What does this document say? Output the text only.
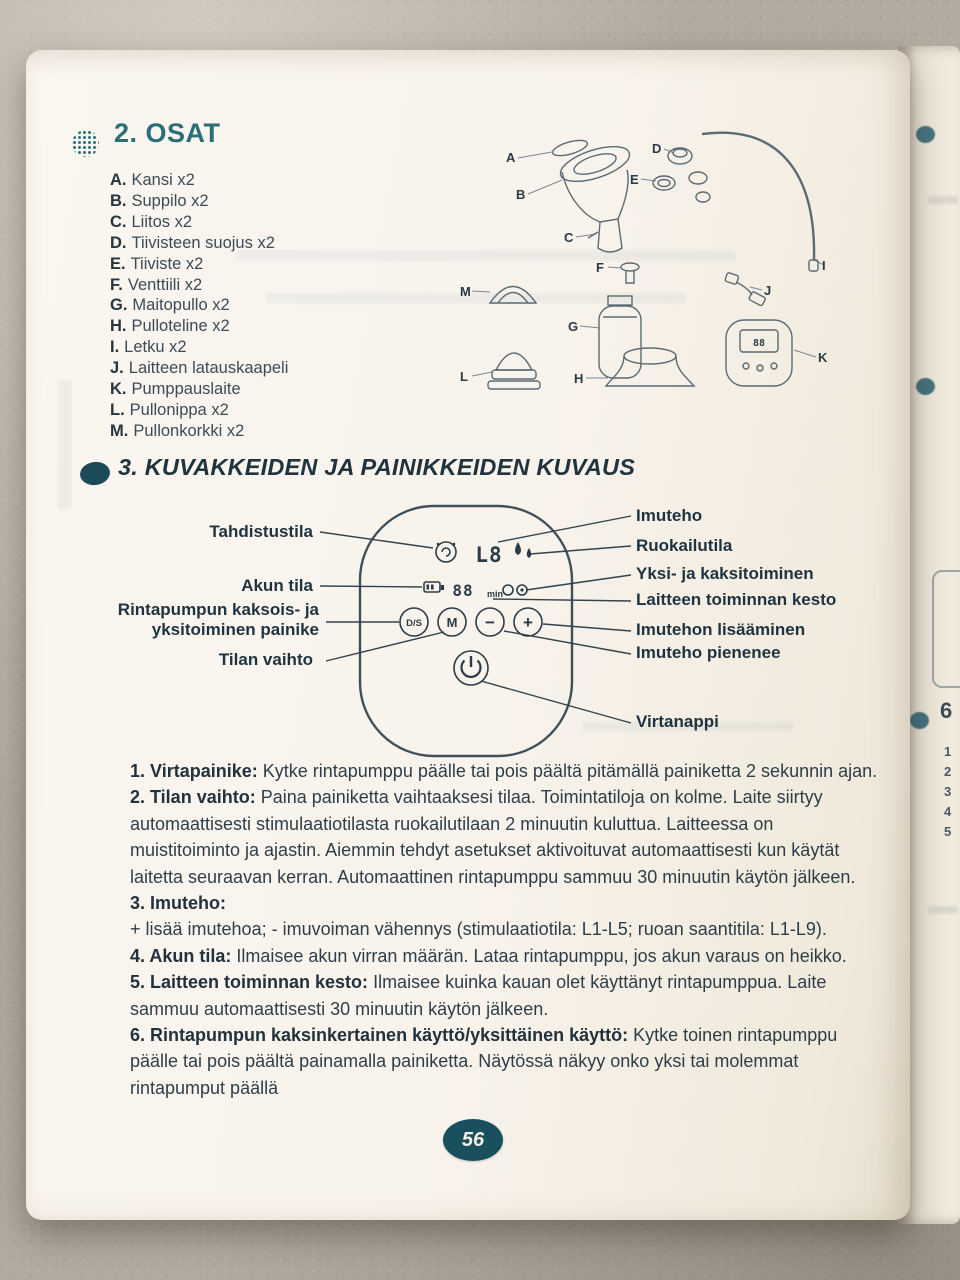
6
1
2
3
4
5
2. OSAT
A. Kansi x2
B. Suppilo x2
C. Liitos x2
D. Tiivisteen suojus x2
E. Tiiviste x2
F. Venttiili x2
G. Maitopullo x2
H. Pulloteline x2
I. Letku x2
J. Laitteen latauskaapeli
K. Pumppauslaite
L. Pullonippa x2
M. Pullonkorkki x2
88
A
B
C
D
E
F
G
H
I
J
K
L
M
3. KUVAKKEIDEN JA PAINIKKEIDEN KUVAUS
L8
88 min
D/S M − +
Tahdistustila
Akun tila
Rintapumpun kaksois- ja yksitoiminen painike
Tilan vaihto
Imuteho
Ruokailutila
Yksi- ja kaksitoiminen
Laitteen toiminnan kesto
Imutehon lisääminen
Imuteho pienenee
Virtanappi

1. Virtapainike: Kytke rintapumppu päälle tai pois päältä pitämällä painiketta 2 sekunnin ajan.

2. Tilan vaihto: Paina painiketta vaihtaaksesi tilaa. Toimintatiloja on kolme. Laite siirtyy automaattisesti stimulaatiotilasta ruokailutilaan 2 minuutin kuluttua. Laitteessa on muistitoiminto ja ajastin. Aiemmin tehdyt asetukset aktivoituvat automaattisesti kun käytät laitetta seuraavan kerran. Automaattinen rintapumppu sammuu 30 minuutin käytön jälkeen.

3. Imuteho:

+ lisää imutehoa; - imuvoiman vähennys (stimulaatiotila: L1-L5; ruoan saantitila: L1-L9).

4. Akun tila: Ilmaisee akun virran määrän. Lataa rintapumppu, jos akun varaus on heikko.

5. Laitteen toiminnan kesto: Ilmaisee kuinka kauan olet käyttänyt rintapumppua. Laite sammuu automaattisesti 30 minuutin käytön jälkeen.

6. Rintapumpun kaksinkertainen käyttö/yksittäinen käyttö: Kytke toinen rintapumppu päälle tai pois päältä painamalla painiketta. Näytössä näkyy onko yksi tai molemmat rintapumput päällä

56
